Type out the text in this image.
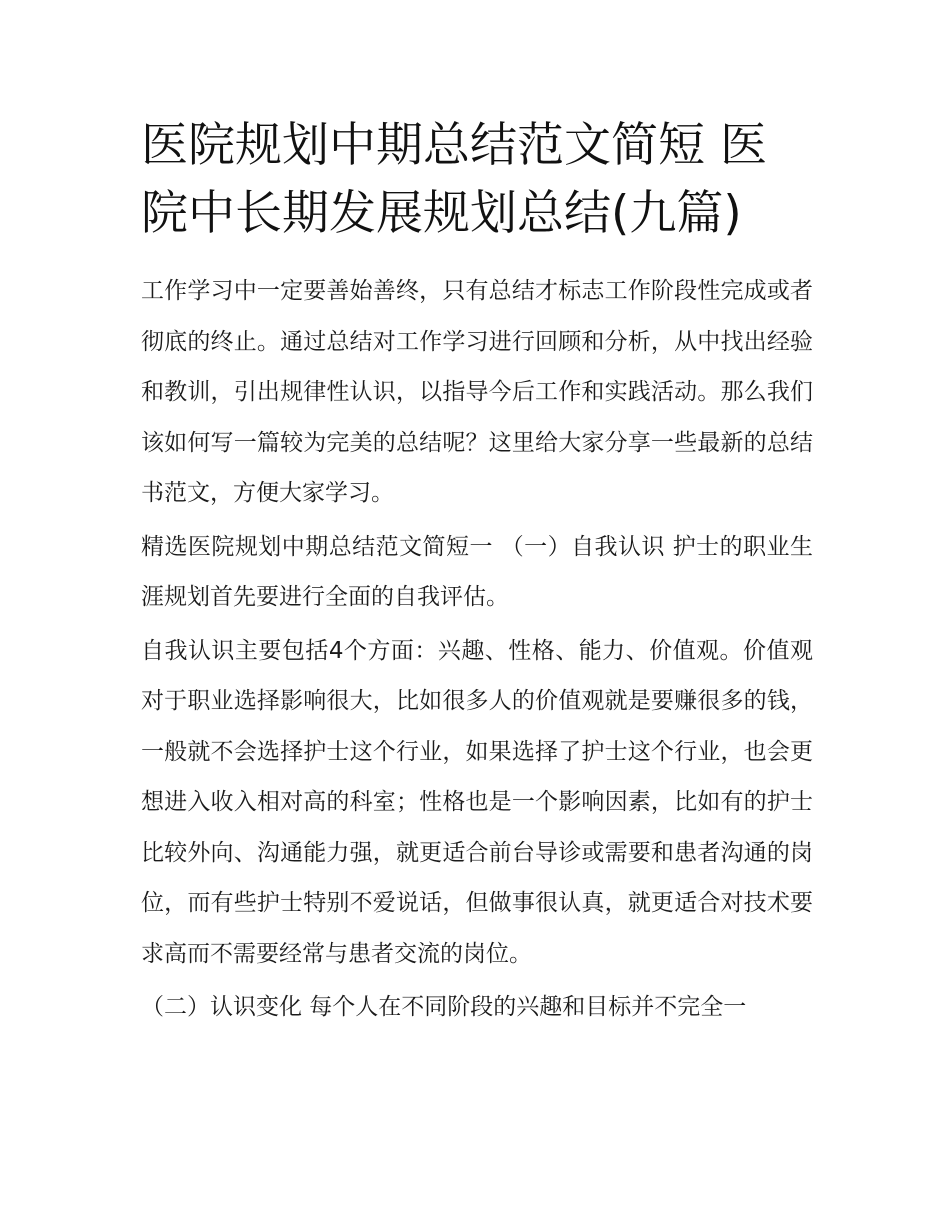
医院规划中期总结范文简短 医院中长期发展规划总结(九篇)

工作学习中一定要善始善终，只有总结才标志工作阶段性完成或者彻底的终止。通过总结对工作学习进行回顾和分析，从中找出经验和教训，引出规律性认识，以指导今后工作和实践活动。那么我们该如何写一篇较为完美的总结呢？这里给大家分享一些最新的总结书范文，方便大家学习。

精选医院规划中期总结范文简短一 （一）自我认识 护士的职业生涯规划首先要进行全面的自我评估。

自我认识主要包括4个方面：兴趣、性格、能力、价值观。价值观对于职业选择影响很大，比如很多人的价值观就是要赚很多的钱，一般就不会选择护士这个行业，如果选择了护士这个行业，也会更想进入收入相对高的科室；性格也是一个影响因素，比如有的护士比较外向、沟通能力强，就更适合前台导诊或需要和患者沟通的岗位，而有些护士特别不爱说话，但做事很认真，就更适合对技术要求高而不需要经常与患者交流的岗位。

（二）认识变化 每个人在不同阶段的兴趣和目标并不完全一
